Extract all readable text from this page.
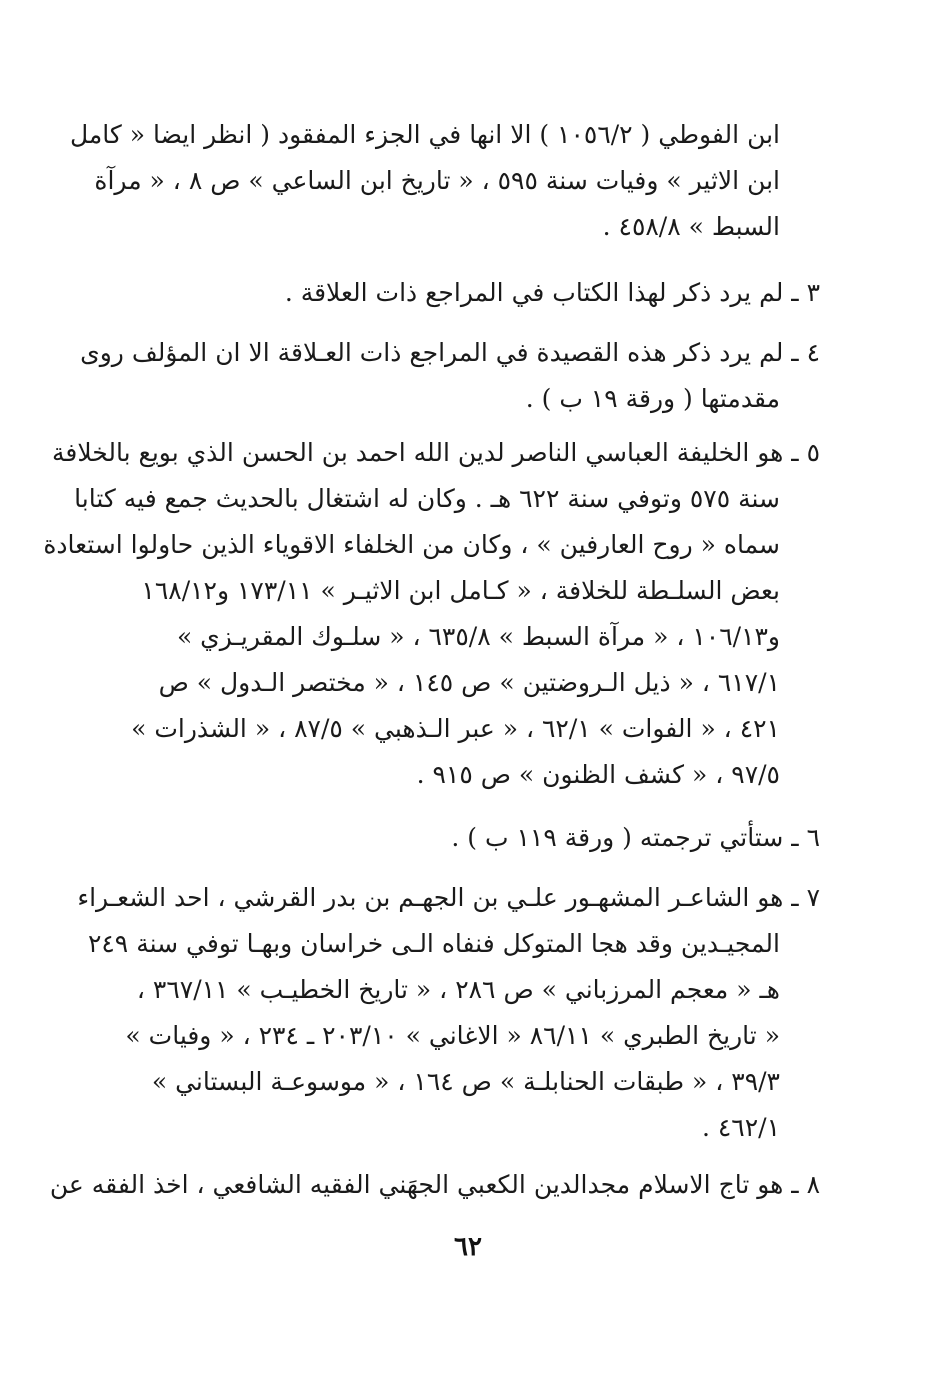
ابن الفوطي ( ١٠٥٦/٢ ) الا انها في الجزء المفقود ( انظر ايضا « كامل
ابن الاثير » وفيات سنة ٥٩٥ ، « تاريخ ابن الساعي » ص ٨ ، « مرآة
السبط » ٤٥٨/٨ .
٣ ـ لم يرد ذكر لهذا الكتاب في المراجع ذات العلاقة .
٤ ـ لم يرد ذكر هذه القصيدة في المراجع ذات العـلاقة الا ان المؤلف روى
مقدمتها ( ورقة ١٩ ب ) .
٥ ـ هو الخليفة العباسي الناصر لدين الله احمد بن الحسن الذي بويع بالخلافة
سنة ٥٧٥ وتوفي سنة ٦٢٢ هـ . وكان له اشتغال بالحديث جمع فيه كتابا
سماه « روح العارفين » ، وكان من الخلفاء الاقوياء الذين حاولوا استعادة
بعض السلـطة للخلافة ، « كـامل ابن الاثيـر » ١٧٣/١١ و١٦٨/١٢
و١٠٦/١٣ ، « مرآة السبط » ٦٣٥/٨ ، « سلـوك المقريـزي »
٦١٧/١ ، « ذيل الـروضتين » ص ١٤٥ ، « مختصر الـدول » ص
٤٢١ ، « الفوات » ٦٢/١ ، « عبر الـذهبي » ٨٧/٥ ، « الشذرات »
٩٧/٥ ، « كشف الظنون » ص ٩١٥ .
٦ ـ ستأتي ترجمته ( ورقة ١١٩ ب ) .
٧ ـ هو الشاعـر المشهـور علـي بن الجهـم بن بدر القرشي ، احد الشعـراء
المجيـدين وقد هجا المتوكل فنفاه الـى خراسان وبهـا توفي سنة ٢٤٩
هـ « معجم المرزباني » ص ٢٨٦ ، « تاريخ الخطيـب » ٣٦٧/١١ ،
« تاريخ الطبري » ٨٦/١١ « الاغاني » ٢٠٣/١٠ ـ ٢٣٤ ، « وفيات »
٣٩/٣ ، « طبقات الحنابلـة » ص ١٦٤ ، « موسوعـة البستاني »
٤٦٢/١ .
٨ ـ هو تاج الاسلام مجدالدين الكعبي الجهَني الفقيه الشافعي ، اخذ الفقه عن
٦٢
